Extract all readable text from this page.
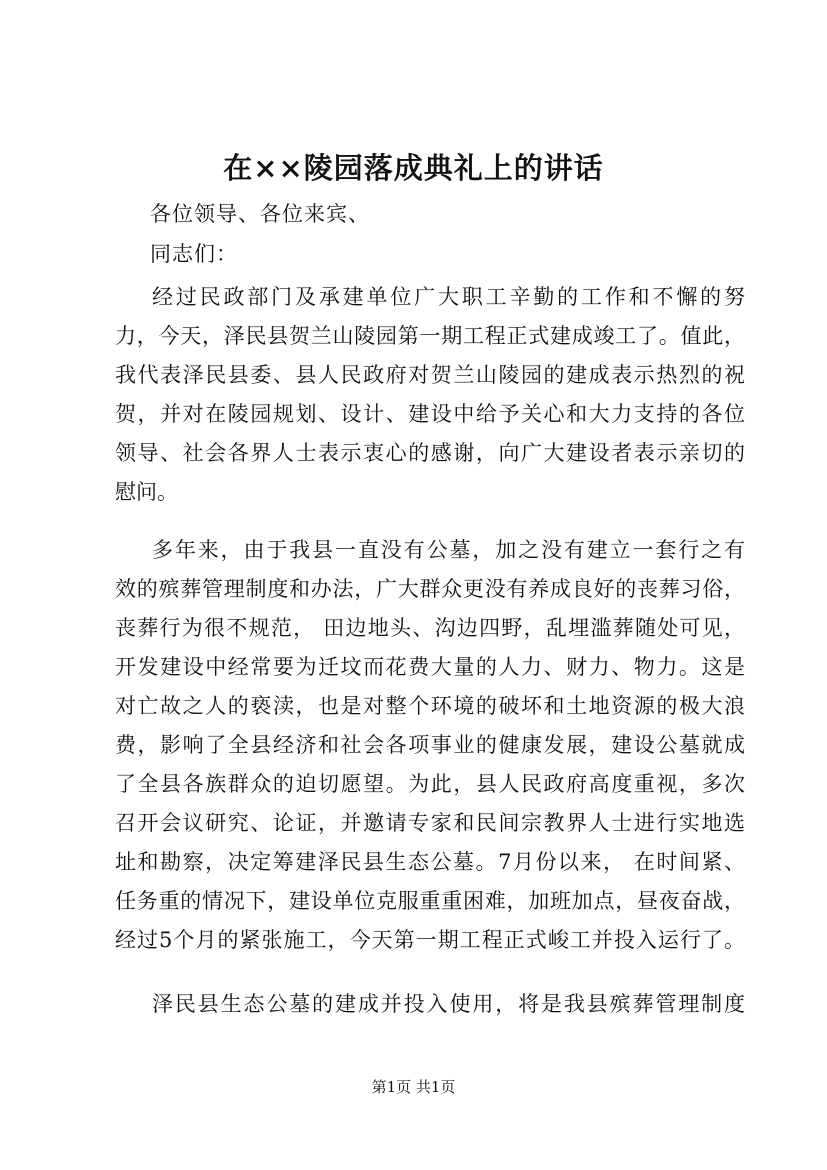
在××陵园落成典礼上的讲话
各位领导、各位来宾、
同志们：
经过民政部门及承建单位广大职工辛勤的工作和不懈的努
力，今天，泽民县贺兰山陵园第一期工程正式建成竣工了。值此，
我代表泽民县委、县人民政府对贺兰山陵园的建成表示热烈的祝
贺，并对在陵园规划、设计、建设中给予关心和大力支持的各位
领导、社会各界人士表示衷心的感谢，向广大建设者表示亲切的
慰问。
多年来，由于我县一直没有公墓，加之没有建立一套行之有
效的殡葬管理制度和办法，广大群众更没有养成良好的丧葬习俗，
丧葬行为很不规范， 田边地头、沟边四野，乱埋滥葬随处可见，
开发建设中经常要为迁坟而花费大量的人力、财力、物力。这是
对亡故之人的亵渎，也是对整个环境的破坏和土地资源的极大浪
费，影响了全县经济和社会各项事业的健康发展，建设公墓就成
了全县各族群众的迫切愿望。为此，县人民政府高度重视，多次
召开会议研究、论证，并邀请专家和民间宗教界人士进行实地选
址和勘察，决定筹建泽民县生态公墓。7月份以来， 在时间紧、
任务重的情况下，建设单位克服重重困难，加班加点，昼夜奋战，
经过5个月的紧张施工，今天第一期工程正式峻工并投入运行了。
泽民县生态公墓的建成并投入使用，将是我县殡葬管理制度
第1页 共1页
